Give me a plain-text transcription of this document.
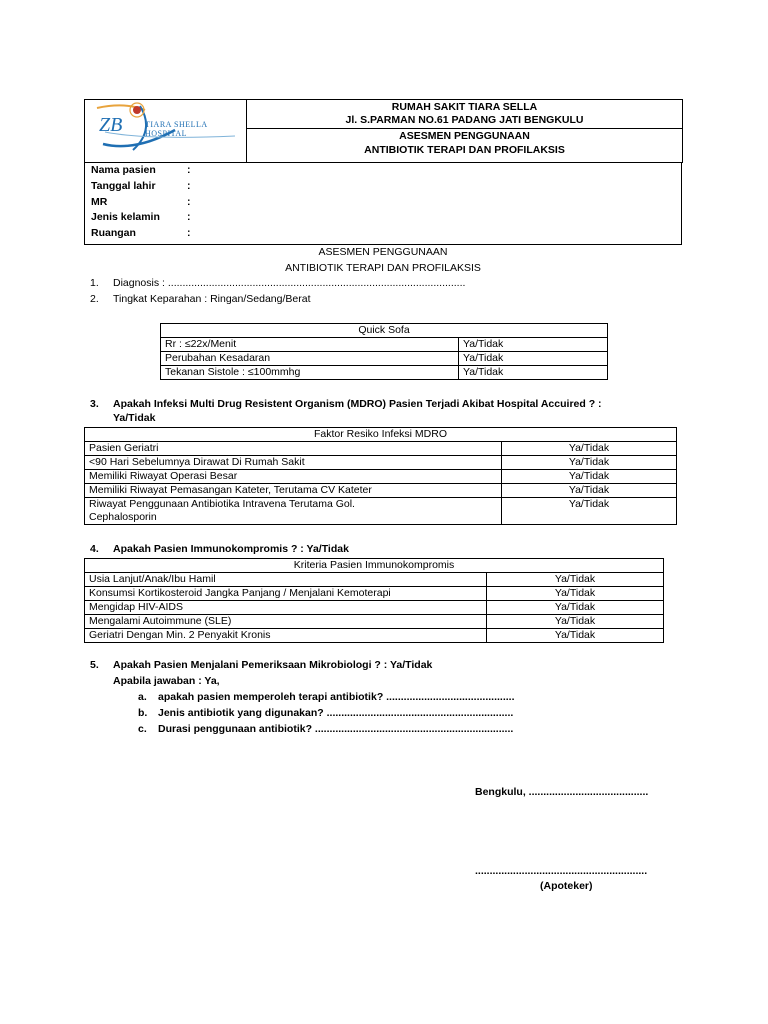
ZB	TIARA SHELLA
HOSPITAL
RUMAH SAKIT TIARA SELLA
Jl. S.PARMAN NO.61 PADANG JATI BENGKULU
ASESMEN PENGGUNAAN
ANTIBIOTIK TERAPI DAN PROFILAKSIS
Nama pasien	:
Tanggal lahir	:
MR	:
Jenis kelamin	:
Ruangan	:
ASESMEN PENGGUNAAN
ANTIBIOTIK TERAPI DAN PROFILAKSIS
1. Diagnosis : ......................................................................................................
2. Tingkat Keparahan : Ringan/Sedang/Berat
Quick Sofa	
Rr : ≤22x/Menit	Ya/Tidak
Perubahan Kesadaran	Ya/Tidak
Tekanan Sistole : ≤100mmhg	Ya/Tidak
3. Apakah Infeksi Multi Drug Resistent Organism (MDRO) Pasien Terjadi Akibat Hospital Accuired ? :
Ya/Tidak
Faktor Resiko Infeksi MDRO	
Pasien Geriatri	Ya/Tidak
<90 Hari Sebelumnya Dirawat Di Rumah Sakit	Ya/Tidak
Memiliki Riwayat Operasi Besar	Ya/Tidak
Memiliki Riwayat Pemasangan Kateter, Terutama CV Kateter	Ya/Tidak

Riwayat Penggunaan Antibiotika Intravena Terutama Gol.
Cephalosporin	Ya/Tidak
4. Apakah Pasien Immunokompromis ? : Ya/Tidak
Kriteria Pasien Immunokompromis	
Usia Lanjut/Anak/Ibu Hamil	Ya/Tidak
Konsumsi Kortikosteroid Jangka Panjang / Menjalani Kemoterapi	Ya/Tidak
Mengidap HIV-AIDS	Ya/Tidak
Mengalami Autoimmune (SLE)	Ya/Tidak
Geriatri Dengan Min. 2 Penyakit Kronis	Ya/Tidak
5. Apakah Pasien Menjalani Pemeriksaan Mikrobiologi ? : Ya/Tidak
Apabila jawaban : Ya,
a. apakah pasien memperoleh terapi antibiotik? ............................................
b. Jenis antibiotik yang digunakan? ................................................................
c. Durasi penggunaan antibiotik? ....................................................................
Bengkulu, .........................................
...........................................................
(Apoteker)
